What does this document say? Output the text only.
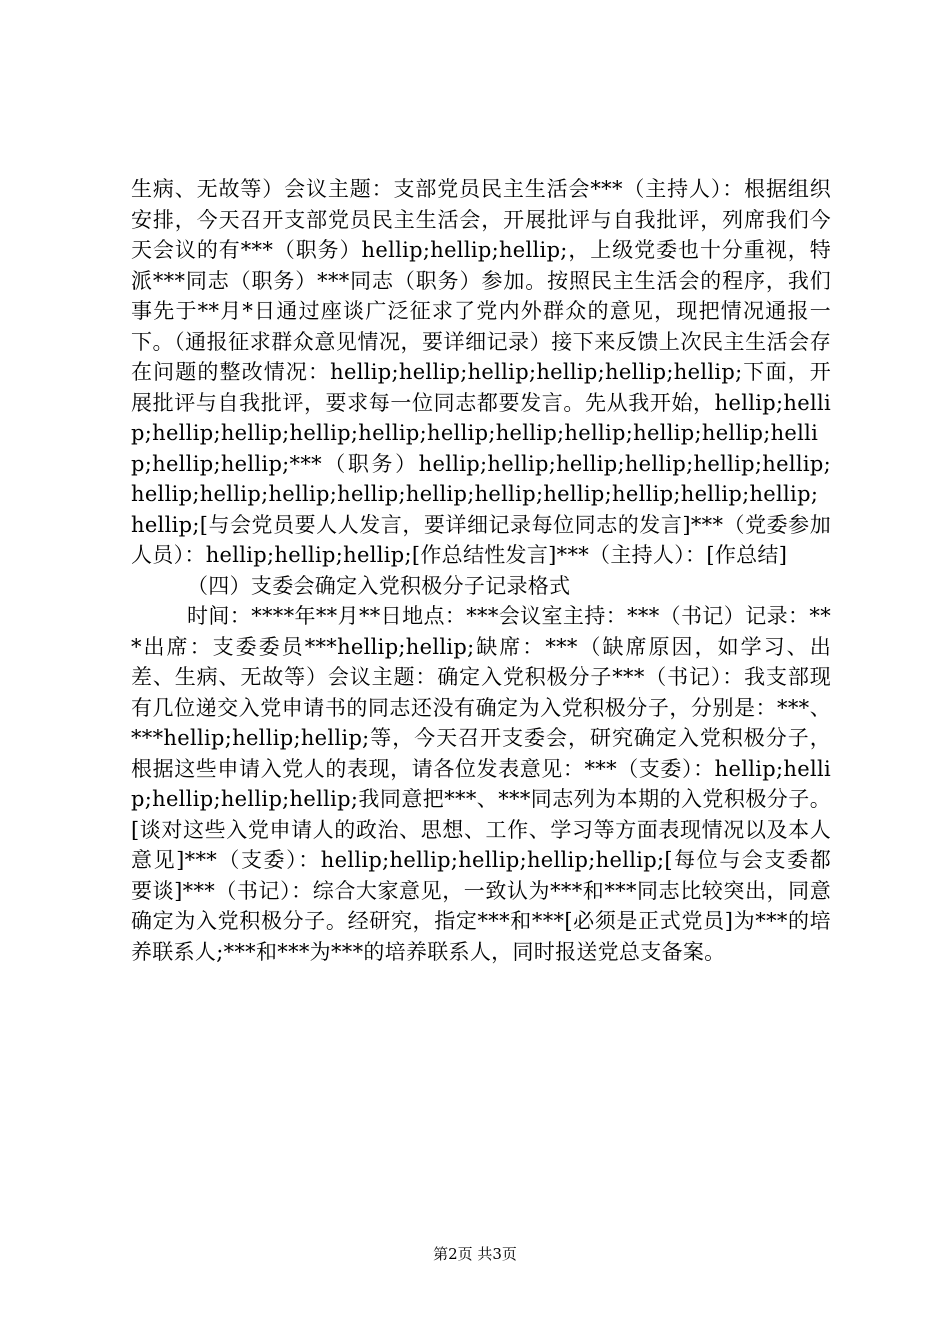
生病、无故等）会议主题：支部党员民主生活会***（主持人）：根据组织安排，今天召开支部党员民主生活会，开展批评与自我批评，列席我们今天会议的有***（职务）hellip;hellip;hellip;，上级党委也十分重视，特派***同志（职务）***同志（职务）参加。按照民主生活会的程序，我们事先于**月*日通过座谈广泛征求了党内外群众的意见，现把情况通报一下。（通报征求群众意见情况，要详细记录）接下来反馈上次民主生活会存在问题的整改情况：hellip;hellip;hellip;hellip;hellip;hellip;下面，开展批评与自我批评，要求每一位同志都要发言。先从我开始，hellip;hellip;hellip;hellip;hellip;hellip;hellip;hellip;hellip;hellip;hellip;hellip;hellip;hellip;***（职务）hellip;hellip;hellip;hellip;hellip;hellip;hellip;hellip;hellip;hellip;hellip;hellip;hellip;hellip;hellip;hellip;hellip;[与会党员要人人发言，要详细记录每位同志的发言]***（党委参加人员）：hellip;hellip;hellip;[作总结性发言]***（主持人）：[作总结]

（四）支委会确定入党积极分子记录格式

时间：****年**月**日地点：***会议室主持：***（书记）记录：***出席：支委委员***hellip;hellip;缺席：***（缺席原因，如学习、出差、生病、无故等）会议主题：确定入党积极分子***（书记）：我支部现有几位递交入党申请书的同志还没有确定为入党积极分子，分别是：***、***hellip;hellip;hellip;等，今天召开支委会，研究确定入党积极分子，根据这些申请入党人的表现，请各位发表意见：***（支委）：hellip;hellip;hellip;hellip;hellip;我同意把***、***同志列为本期的入党积极分子。[谈对这些入党申请人的政治、思想、工作、学习等方面表现情况以及本人意见]***（支委）：hellip;hellip;hellip;hellip;hellip;[每位与会支委都要谈]***（书记）：综合大家意见，一致认为***和***同志比较突出，同意确定为入党积极分子。经研究，指定***和***[必须是正式党员]为***的培养联系人;***和***为***的培养联系人，同时报送党总支备案。

第2页 共3页
